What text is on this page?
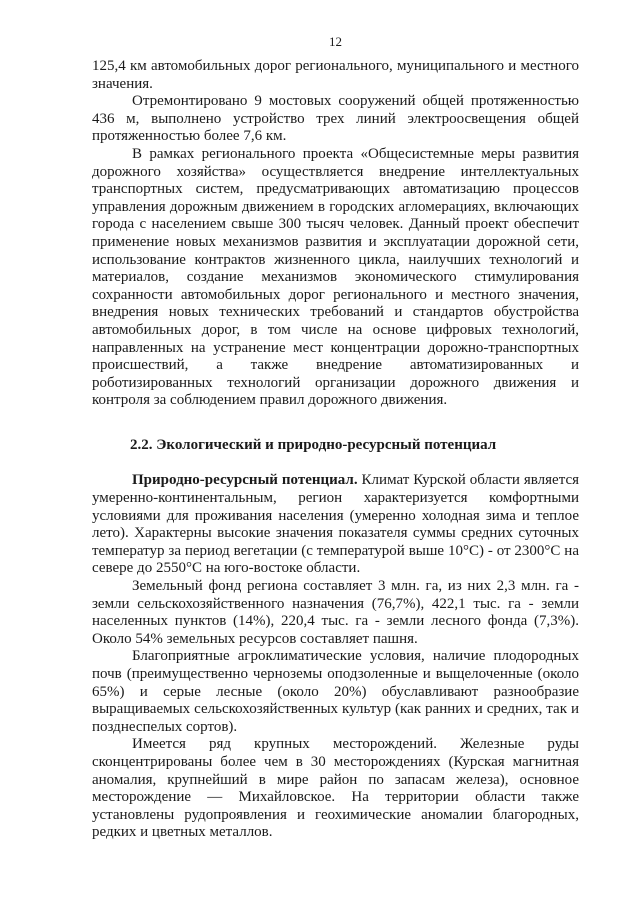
12

125,4 км автомобильных дорог регионального, муниципального и местного значения.

Отремонтировано 9 мостовых сооружений общей протяженностью 436 м, выполнено устройство трех линий электроосвещения общей протяженностью более 7,6 км.

В рамках регионального проекта «Общесистемные меры развития дорожного хозяйства» осуществляется внедрение интеллектуальных транспортных систем, предусматривающих автоматизацию процессов управления дорожным движением в городских агломерациях, включающих города с населением свыше 300 тысяч человек. Данный проект обеспечит применение новых механизмов развития и эксплуатации дорожной сети, использование контрактов жизненного цикла, наилучших технологий и материалов, создание механизмов экономического стимулирования сохранности автомобильных дорог регионального и местного значения, внедрения новых технических требований и стандартов обустройства автомобильных дорог, в том числе на основе цифровых технологий, направленных на устранение мест концентрации дорожно-транспортных происшествий, а также внедрение автоматизированных и роботизированных технологий организации дорожного движения и контроля за соблюдением правил дорожного движения.

2.2. Экологический и природно-ресурсный потенциал

Природно-ресурсный потенциал. Климат Курской области является умеренно-континентальным, регион характеризуется комфортными условиями для проживания населения (умеренно холодная зима и теплое лето). Характерны высокие значения показателя суммы средних суточных температур за период вегетации (с температурой выше 10°С) - от 2300°С на севере до 2550°С на юго-востоке области.

Земельный фонд региона составляет 3 млн. га, из них 2,3 млн. га - земли сельскохозяйственного назначения (76,7%), 422,1 тыс. га - земли населенных пунктов (14%), 220,4 тыс. га - земли лесного фонда (7,3%). Около 54% земельных ресурсов составляет пашня.

Благоприятные агроклиматические условия, наличие плодородных почв (преимущественно черноземы оподзоленные и выщелоченные (около 65%) и серые лесные (около 20%) обуславливают разнообразие выращиваемых сельскохозяйственных культур (как ранних и средних, так и позднеспелых сортов).

Имеется ряд крупных месторождений. Железные руды сконцентрированы более чем в 30 месторождениях (Курская магнитная аномалия, крупнейший в мире район по запасам железа), основное месторождение — Михайловское. На территории области также установлены рудопроявления и геохимические аномалии благородных, редких и цветных металлов.
